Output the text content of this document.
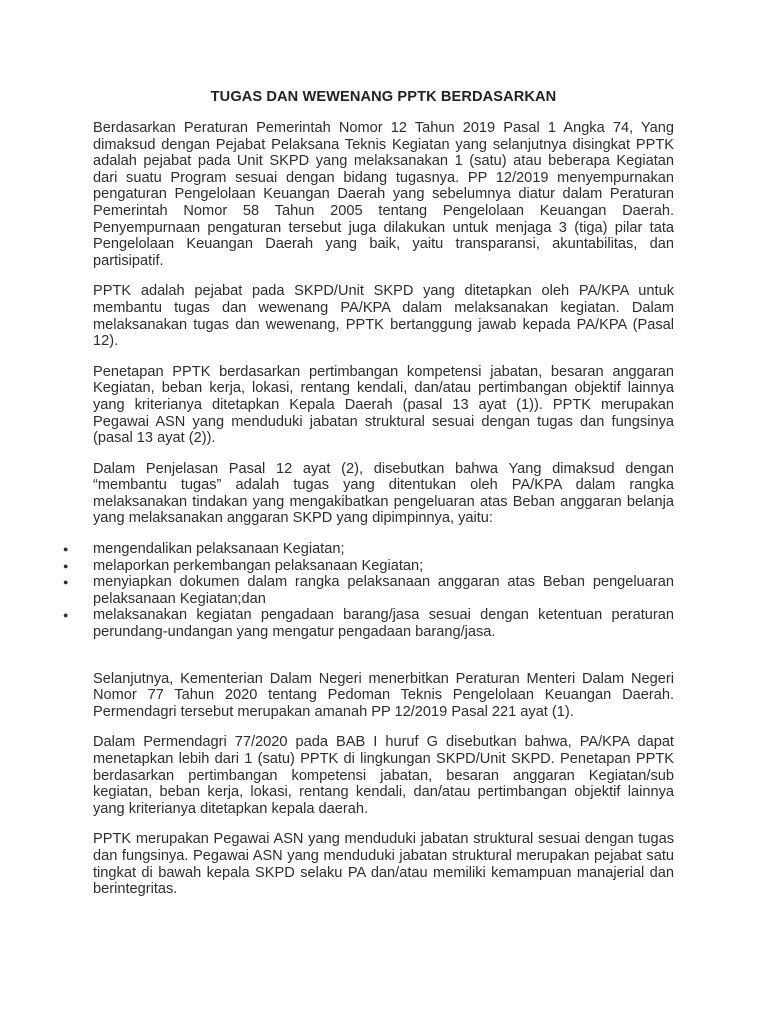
TUGAS DAN WEWENANG PPTK BERDASARKAN

Berdasarkan Peraturan Pemerintah Nomor 12 Tahun 2019 Pasal 1 Angka 74, Yang dimaksud dengan Pejabat Pelaksana Teknis Kegiatan yang selanjutnya disingkat PPTK adalah pejabat pada Unit SKPD yang melaksanakan 1 (satu) atau beberapa Kegiatan dari suatu Program sesuai dengan bidang tugasnya. PP 12/2019 menyempurnakan pengaturan Pengelolaan Keuangan Daerah yang sebelumnya diatur dalam Peraturan Pemerintah Nomor 58 Tahun 2005 tentang Pengelolaan Keuangan Daerah. Penyempurnaan pengaturan tersebut juga dilakukan untuk menjaga 3 (tiga) pilar tata Pengelolaan Keuangan Daerah yang baik, yaitu transparansi, akuntabilitas, dan partisipatif.

PPTK adalah pejabat pada SKPD/Unit SKPD yang ditetapkan oleh PA/KPA untuk membantu tugas dan wewenang PA/KPA dalam melaksanakan kegiatan. Dalam melaksanakan tugas dan wewenang, PPTK bertanggung jawab kepada PA/KPA (Pasal 12).

Penetapan PPTK berdasarkan pertimbangan kompetensi jabatan, besaran anggaran Kegiatan, beban kerja, lokasi, rentang kendali, dan/atau pertimbangan objektif lainnya yang kriterianya ditetapkan Kepala Daerah (pasal 13 ayat (1)). PPTK merupakan Pegawai ASN yang menduduki jabatan struktural sesuai dengan tugas dan fungsinya (pasal 13 ayat (2)).

Dalam Penjelasan Pasal 12 ayat (2), disebutkan bahwa Yang dimaksud dengan “membantu tugas” adalah tugas yang ditentukan oleh PA/KPA dalam rangka melaksanakan tindakan yang mengakibatkan pengeluaran atas Beban anggaran belanja yang melaksanakan anggaran SKPD yang dipimpinnya, yaitu:

● mengendalikan pelaksanaan Kegiatan;
● melaporkan perkembangan pelaksanaan Kegiatan;
● menyiapkan dokumen dalam rangka pelaksanaan anggaran atas Beban pengeluaran pelaksanaan Kegiatan;dan
● melaksanakan kegiatan pengadaan barang/jasa sesuai dengan ketentuan peraturan perundang-undangan yang mengatur pengadaan barang/jasa.

Selanjutnya, Kementerian Dalam Negeri menerbitkan Peraturan Menteri Dalam Negeri Nomor 77 Tahun 2020 tentang Pedoman Teknis Pengelolaan Keuangan Daerah. Permendagri tersebut merupakan amanah PP 12/2019 Pasal 221 ayat (1).

Dalam Permendagri 77/2020 pada BAB I huruf G disebutkan bahwa, PA/KPA dapat menetapkan lebih dari 1 (satu) PPTK di lingkungan SKPD/Unit SKPD. Penetapan PPTK berdasarkan pertimbangan kompetensi jabatan, besaran anggaran Kegiatan/sub kegiatan, beban kerja, lokasi, rentang kendali, dan/atau pertimbangan objektif lainnya yang kriterianya ditetapkan kepala daerah.

PPTK merupakan Pegawai ASN yang menduduki jabatan struktural sesuai dengan tugas dan fungsinya. Pegawai ASN yang menduduki jabatan struktural merupakan pejabat satu tingkat di bawah kepala SKPD selaku PA dan/atau memiliki kemampuan manajerial dan berintegritas.
